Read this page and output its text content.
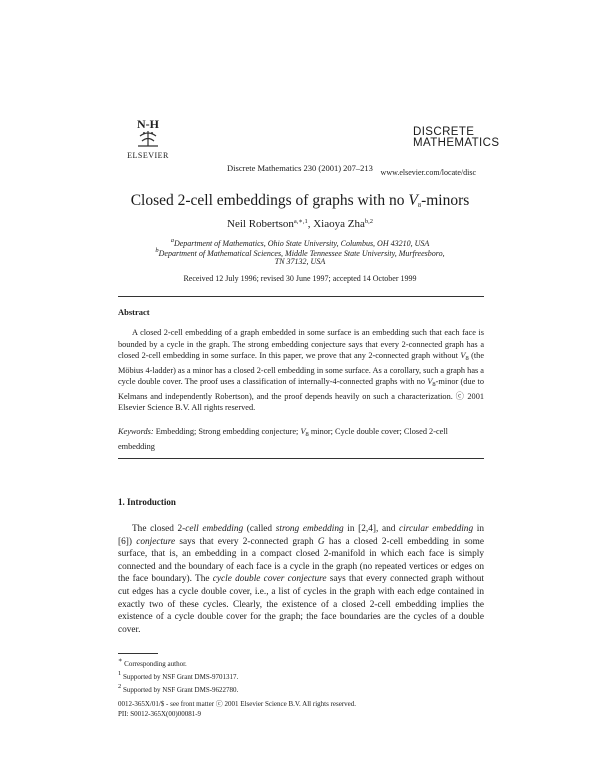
N-H
ELSEVIER
Discrete Mathematics 230 (2001) 207–213
DISCRETE
MATHEMATICS
www.elsevier.com/locate/disc
Closed 2-cell embeddings of graphs with no $V_8$-minors
Neil Robertson$^{a,∗,1}$, Xiaoya Zha$^{b,2}$
$^a$Department of Mathematics, Ohio State University, Columbus, OH 43210, USA
$^b$Department of Mathematical Sciences, Middle Tennessee State University, Murfreesboro,
TN 37132, USA
Received 12 July 1996; revised 30 June 1997; accepted 14 October 1999
Abstract

A closed 2-cell embedding of a graph embedded in some surface is an embedding such that each face is bounded by a cycle in the graph. The strong embedding conjecture says that every 2-connected graph has a closed 2-cell embedding in some surface. In this paper, we prove that any 2-connected graph without $V_8$ (the Möbius 4-ladder) as a minor has a closed 2-cell embedding in some surface. As a corollary, such a graph has a cycle double cover. The proof uses a classification of internally-4-connected graphs with no $V_8$-minor (due to Kelmans and independently Robertson), and the proof depends heavily on such a characterization. ⓒ 2001 Elsevier Science B.V. All rights reserved.

Keywords: Embedding; Strong embedding conjecture; $V_8$ minor; Cycle double cover; Closed 2-cell embedding
1. Introduction

The closed 2-cell embedding (called strong embedding in [2,4], and circular embedding in [6]) conjecture says that every 2-connected graph G has a closed 2-cell embedding in some surface, that is, an embedding in a compact closed 2-manifold in which each face is simply connected and the boundary of each face is a cycle in the graph (no repeated vertices or edges on the face boundary). The cycle double cover conjecture says that every connected graph without cut edges has a cycle double cover, i.e., a list of cycles in the graph with each edge contained in exactly two of these cycles. Clearly, the existence of a closed 2-cell embedding implies the existence of a cycle double cover for the graph; the face boundaries are the cycles of a double cover.

∗ Corresponding author.
$^1$ Supported by NSF Grant DMS-9701317.
$^2$ Supported by NSF Grant DMS-9622780.
0012-365X/01/$ - see front matter ⓒ 2001 Elsevier Science B.V. All rights reserved.
PII: S0012-365X(00)00081-9
